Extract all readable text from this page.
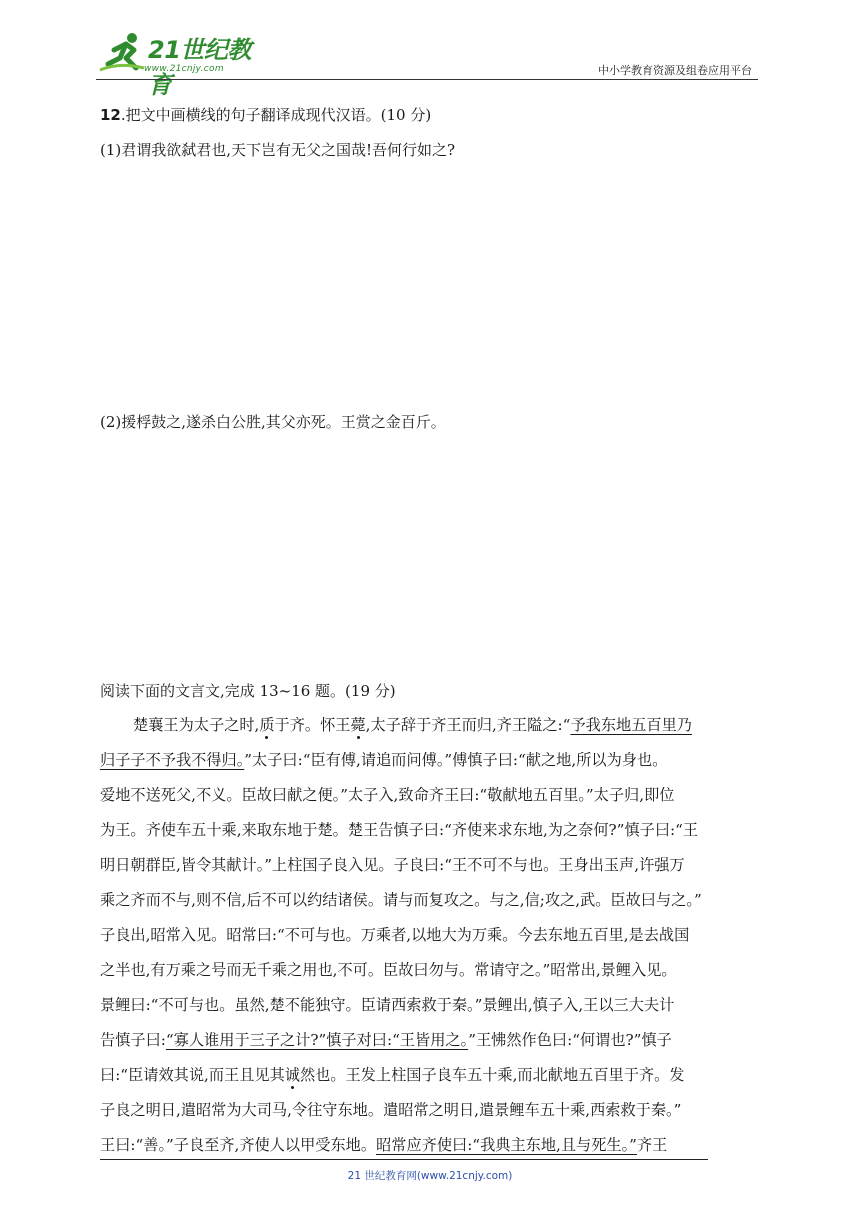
21世纪教育
www.21cnjy.com	中小学教育资源及组卷应用平台
12.把文中画横线的句子翻译成现代汉语。(10 分)
(1)君谓我欲弑君也,天下岂有无父之国哉!吾何行如之?
(2)援桴鼓之,遂杀白公胜,其父亦死。王赏之金百斤。
阅读下面的文言文,完成 13~16 题。(19 分)
楚襄王为太子之时,质于齐。怀王薨,太子辞于齐王而归,齐王隘之:“予我东地五百里乃
归子子不予我不得归。”太子曰:“臣有傅,请追而问傅。”傅慎子曰:“献之地,所以为身也。
爱地不送死父,不义。臣故曰献之便。”太子入,致命齐王曰:“敬献地五百里。”太子归,即位
为王。齐使车五十乘,来取东地于楚。楚王告慎子曰:“齐使来求东地,为之奈何?”慎子曰:“王
明日朝群臣,皆令其献计。”上柱国子良入见。子良曰:“王不可不与也。王身出玉声,许强万
乘之齐而不与,则不信,后不可以约结诸侯。请与而复攻之。与之,信;攻之,武。臣故曰与之。”
子良出,昭常入见。昭常曰:“不可与也。万乘者,以地大为万乘。今去东地五百里,是去战国
之半也,有万乘之号而无千乘之用也,不可。臣故曰勿与。常请守之。”昭常出,景鲤入见。
景鲤曰:“不可与也。虽然,楚不能独守。臣请西索救于秦。”景鲤出,慎子入,王以三大夫计
告慎子曰:“寡人谁用于三子之计?”慎子对曰:“王皆用之。”王怫然作色曰:“何谓也?”慎子
曰:“臣请效其说,而王且见其诚然也。王发上柱国子良车五十乘,而北献地五百里于齐。发
子良之明日,遣昭常为大司马,令往守东地。遣昭常之明日,遣景鲤车五十乘,西索救于秦。”
王曰:“善。”子良至齐,齐使人以甲受东地。昭常应齐使曰:“我典主东地,且与死生。”齐王
21 世纪教育网(www.21cnjy.com)
